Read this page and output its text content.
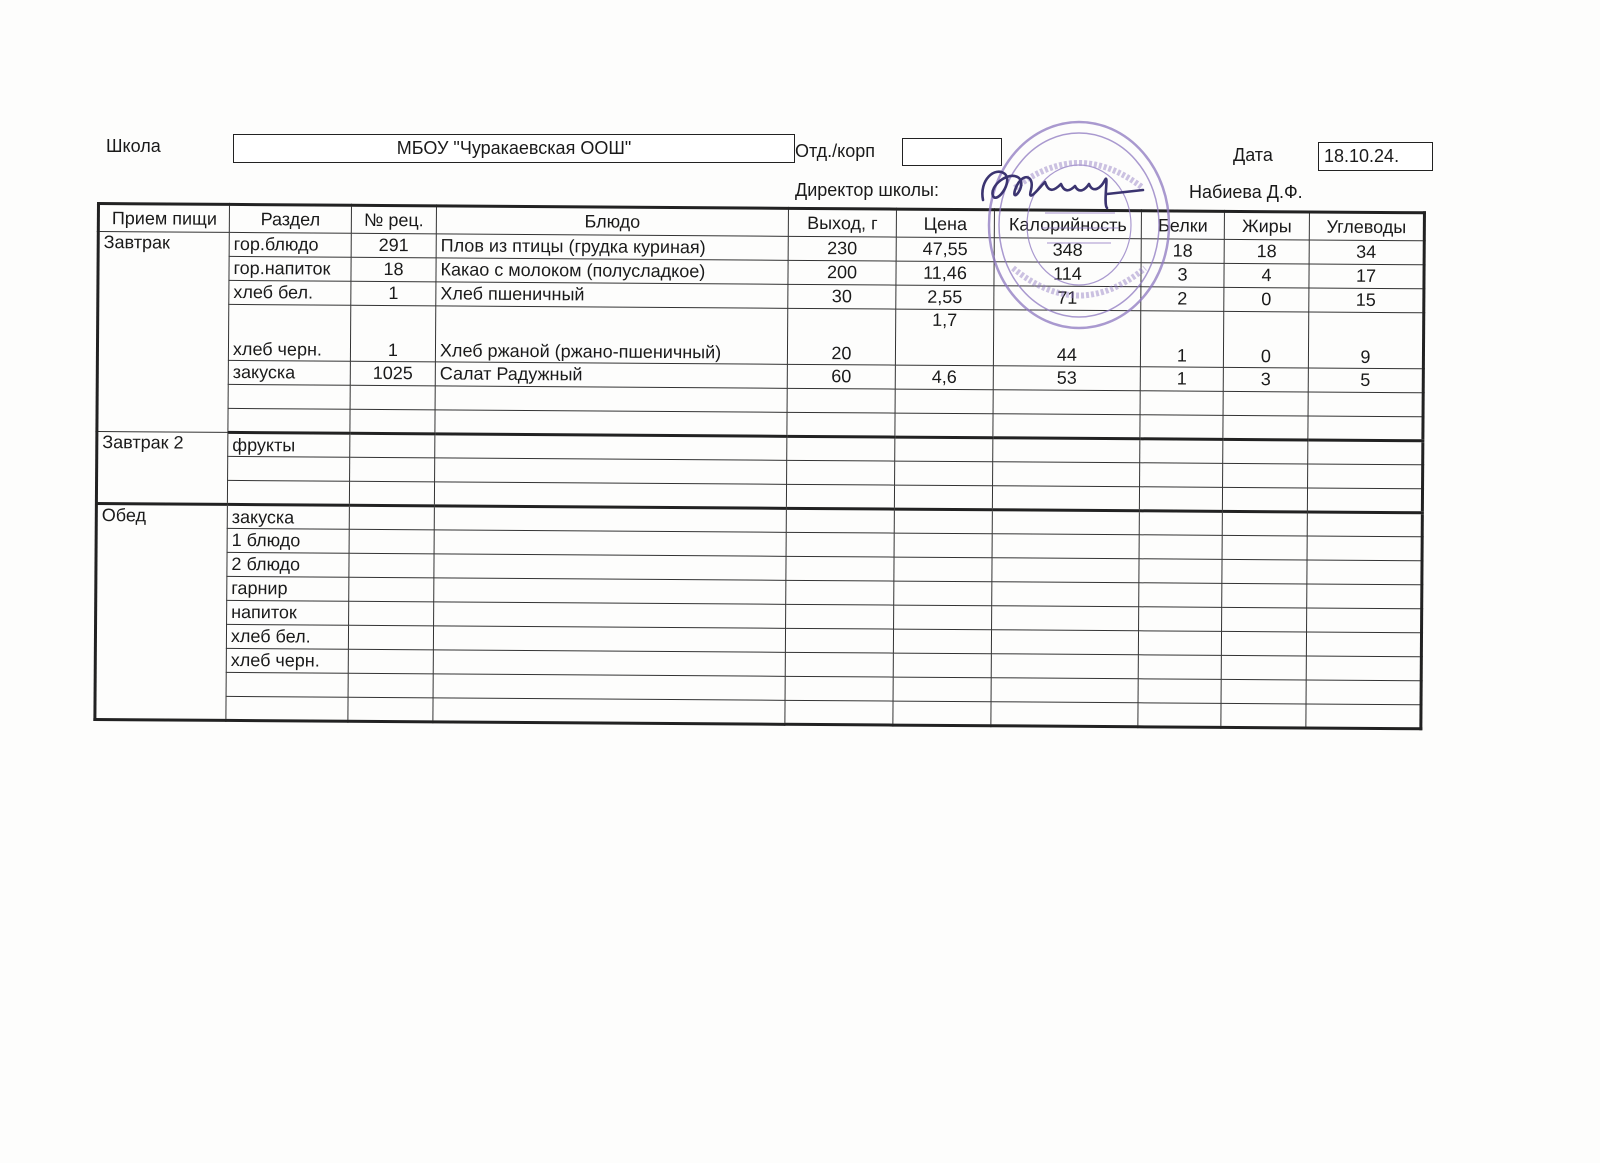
Школа	МБОУ "Чуракаевская ООШ"	Отд./корп	Дата	18.10.24.
Директор школы:	Набиева Д.Ф.
Прием пищи	Раздел	№ рец.	Блюдо	Выход, г	Цена	Калорийность	Белки	Жиры	Углеводы
Завтрак	гор.блюдо	291	Плов из птицы (грудка куриная)	230	47,55	348	18	18	34
	гор.напиток	18	Какао с молоком (полусладкое)	200	11,46	114	3	4	17
	хлеб бел.	1	Хлеб пшеничный	30	2,55	71	2	0	15
	хлеб черн.	1	Хлеб ржаной (ржано-пшеничный)	20	1,7	44	1	0	9
	закуска	1025	Салат Радужный	60	4,6	53	1	3	5

Завтрак 2	фрукты								

Обед	закуска								
	1 блюдо								
	2 блюдо								
	гарнир								
	напиток								
	хлеб бел.								
	хлеб черн.								
